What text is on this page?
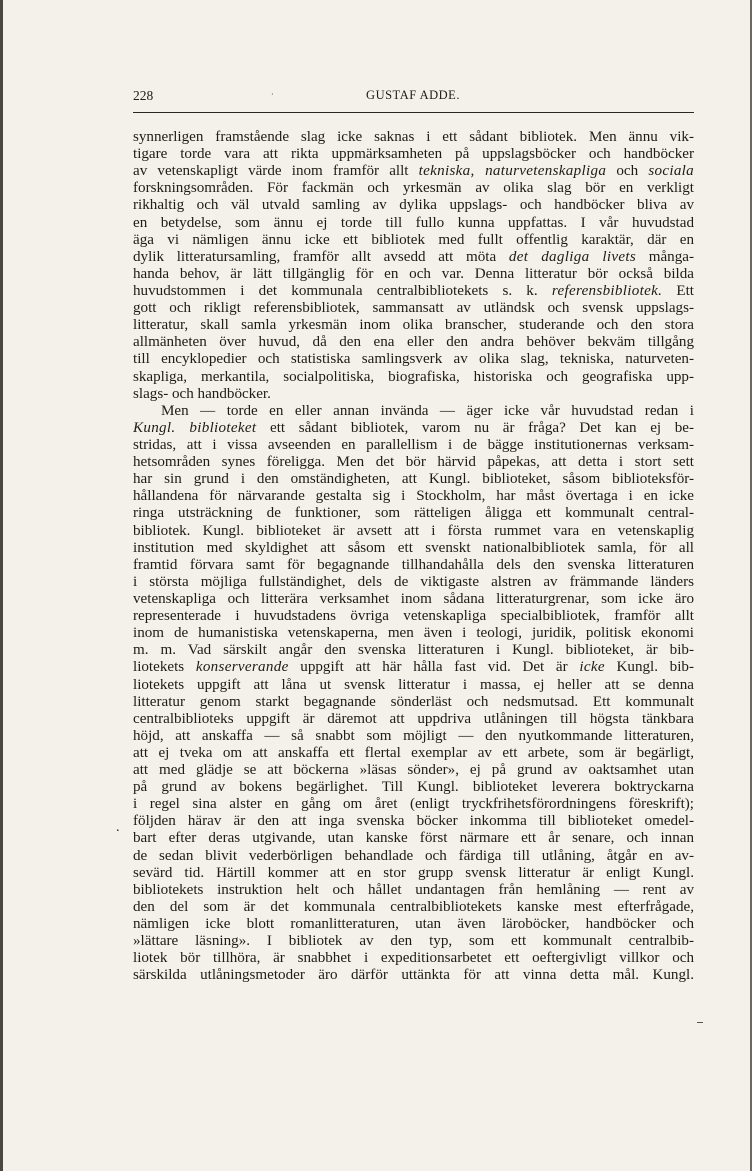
228	·	GUSTAF ADDE.
synnerligen framstående slag icke saknas i ett sådant bibliotek. Men ännu vik-
tigare torde vara att rikta uppmärksamheten på uppslagsböcker och handböcker
av vetenskapligt värde inom framför allt tekniska, naturvetenskapliga och sociala
forskningsområden. För fackmän och yrkesmän av olika slag bör en verkligt
rikhaltig och väl utvald samling av dylika uppslags- och handböcker bliva av
en betydelse, som ännu ej torde till fullo kunna uppfattas. I vår huvudstad
äga vi nämligen ännu icke ett bibliotek med fullt offentlig karaktär, där en
dylik litteratursamling, framför allt avsedd att möta det dagliga livets många-
handa behov, är lätt tillgänglig för en och var. Denna litteratur bör också bilda
huvudstommen i det kommunala centralbibliotekets s. k. referensbibliotek. Ett
gott och rikligt referensbibliotek, sammansatt av utländsk och svensk uppslags-
litteratur, skall samla yrkesmän inom olika branscher, studerande och den stora
allmänheten över huvud, då den ena eller den andra behöver bekväm tillgång
till encyklopedier och statistiska samlingsverk av olika slag, tekniska, naturveten-
skapliga, merkantila, socialpolitiska, biografiska, historiska och geografiska upp-
slags- och handböcker.
Men — torde en eller annan invända — äger icke vår huvudstad redan i
Kungl. biblioteket ett sådant bibliotek, varom nu är fråga? Det kan ej be-
stridas, att i vissa avseenden en parallellism i de bägge institutionernas verksam-
hetsområden synes föreligga. Men det bör härvid påpekas, att detta i stort sett
har sin grund i den omständigheten, att Kungl. biblioteket, såsom biblioteksför-
hållandena för närvarande gestalta sig i Stockholm, har måst övertaga i en icke
ringa utsträckning de funktioner, som rätteligen åligga ett kommunalt central-
bibliotek. Kungl. biblioteket är avsett att i första rummet vara en vetenskaplig
institution med skyldighet att såsom ett svenskt nationalbibliotek samla, för all
framtid förvara samt för begagnande tillhandahålla dels den svenska litteraturen
i största möjliga fullständighet, dels de viktigaste alstren av främmande länders
vetenskapliga och litterära verksamhet inom sådana litteraturgrenar, som icke äro
representerade i huvudstadens övriga vetenskapliga specialbibliotek, framför allt
inom de humanistiska vetenskaperna, men även i teologi, juridik, politisk ekonomi
m. m. Vad särskilt angår den svenska litteraturen i Kungl. biblioteket, är bib-
liotekets konserverande uppgift att här hålla fast vid. Det är icke Kungl. bib-
liotekets uppgift att låna ut svensk litteratur i massa, ej heller att se denna
litteratur genom starkt begagnande sönderläst och nedsmutsad. Ett kommunalt
centralbiblioteks uppgift är däremot att uppdriva utlåningen till högsta tänkbara
höjd, att anskaffa — så snabbt som möjligt — den nyutkommande litteraturen,
att ej tveka om att anskaffa ett flertal exemplar av ett arbete, som är begärligt,
att med glädje se att böckerna »läsas sönder», ej på grund av oaktsamhet utan
på grund av bokens begärlighet. Till Kungl. biblioteket leverera boktryckarna
i regel sina alster en gång om året (enligt tryckfrihetsförordningens föreskrift);
följden härav är den att inga svenska böcker inkomma till biblioteket omedel-
bart efter deras utgivande, utan kanske först närmare ett år senare, och innan
de sedan blivit vederbörligen behandlade och färdiga till utlåning, åtgår en av-
sevärd tid. Härtill kommer att en stor grupp svensk litteratur är enligt Kungl.
bibliotekets instruktion helt och hållet undantagen från hemlåning — rent av
den del som är det kommunala centralbibliotekets kanske mest efterfrågade,
nämligen icke blott romanlitteraturen, utan även läroböcker, handböcker och
»lättare läsning». I bibliotek av den typ, som ett kommunalt centralbib-
liotek bör tillhöra, är snabbhet i expeditionsarbetet ett oeftergivligt villkor och
särskilda utlåningsmetoder äro därför uttänkta för att vinna detta mål. Kungl.
.
